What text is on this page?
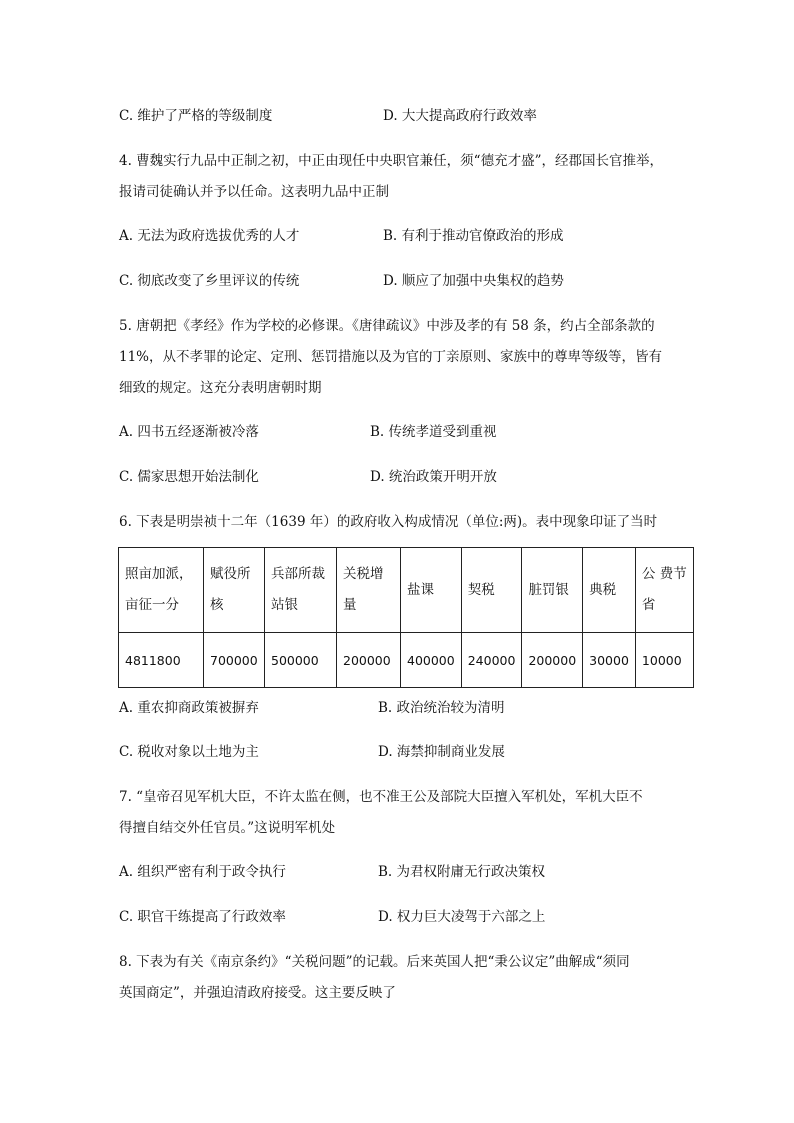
C. 维护了严格的等级制度	D. 大大提高政府行政效率
4. 曹魏实行九品中正制之初，中正由现任中央职官兼任，须“德充才盛”，经郡国长官推举，
报请司徒确认并予以任命。这表明九品中正制
A. 无法为政府选拔优秀的人才	B. 有利于推动官僚政治的形成
C. 彻底改变了乡里评议的传统	D. 顺应了加强中央集权的趋势
5. 唐朝把《孝经》作为学校的必修课。《唐律疏议》中涉及孝的有 58 条，约占全部条款的
11%，从不孝罪的论定、定刑、惩罚措施以及为官的丁亲原则、家族中的尊卑等级等，皆有
细致的规定。这充分表明唐朝时期
A. 四书五经逐渐被冷落	B. 传统孝道受到重视
C. 儒家思想开始法制化	D. 统治政策开明开放
6. 下表是明崇祯十二年（1639 年）的政府收入构成情况（单位:两)。表中现象印证了当时
照亩加派，亩征一分	赋役所核	兵部所裁站银	关税增量	盐课	契税	脏罚银	典税	公 费节省
4811800	700000	500000	200000	400000	240000	200000	30000	10000
A. 重农抑商政策被摒弃	B. 政治统治较为清明
C. 税收对象以土地为主	D. 海禁抑制商业发展
7. “皇帝召见军机大臣，不许太监在侧，也不准王公及部院大臣擅入军机处，军机大臣不
得擅自结交外任官员。”这说明军机处
A. 组织严密有利于政令执行	B. 为君权附庸无行政决策权
C. 职官干练提高了行政效率	D. 权力巨大凌驾于六部之上
8. 下表为有关《南京条约》“关税问题”的记载。后来英国人把“秉公议定”曲解成“须同
英国商定”，并强迫清政府接受。这主要反映了
